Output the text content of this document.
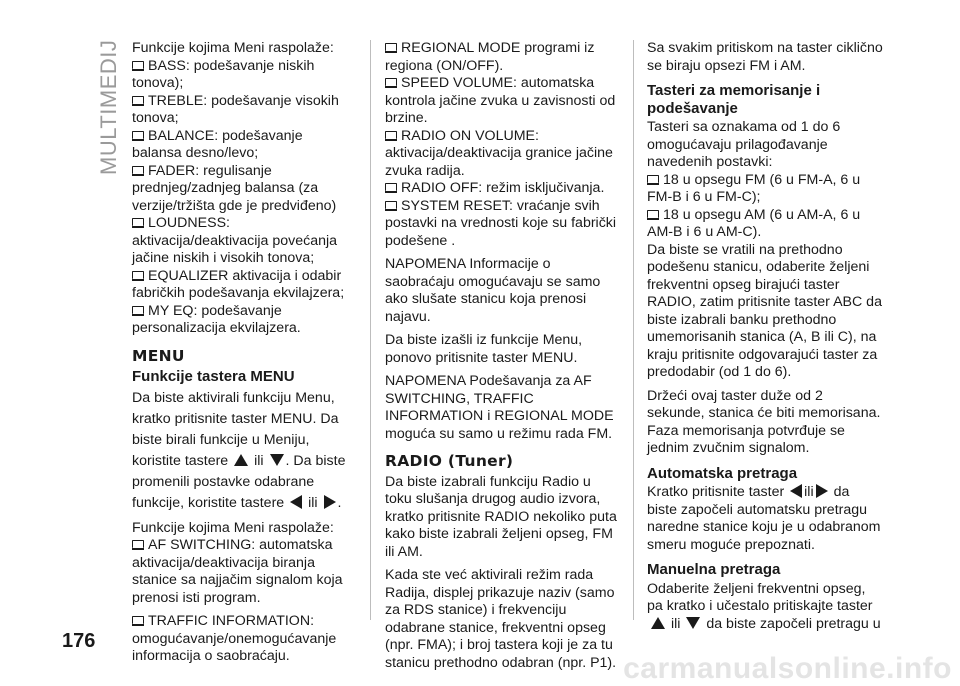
MULTIMEDIJ Funkcije kojima Meni raspolaže:

BASS: podešavanje niskih tonova);

TREBLE: podešavanje visokih tonova;

BALANCE: podešavanje balansa desno/levo;

FADER: regulisanje prednjeg/zadnjeg balansa (za verzije/tržišta gde je predviđeno)

LOUDNESS: aktivacija/deaktivacija povećanja jačine niskih i visokih tonova;

EQUALIZER aktivacija i odabir fabričkih podešavanja ekvilajzera;

MY EQ: podešavanje personalizacija ekvilajzera.

MENU
Funkcije tastera MENU

Da biste aktivirali funkciju Menu, kratko pritisnite taster MENU. Da biste birali funkcije u Meniju, koristite tastere ili . Da biste promenili postavke odabrane funkcije, koristite tastere ili .

Funkcije kojima Meni raspolaže:

AF SWITCHING: automatska aktivacija/deaktivacija biranja stanice sa najjačim signalom koja prenosi isti program.

TRAFFIC INFORMATION: omogućavanje/onemogućavanje informacija o saobraćaju.

REGIONAL MODE programi iz regiona (ON/OFF).

SPEED VOLUME: automatska kontrola jačine zvuka u zavisnosti od brzine.

RADIO ON VOLUME: aktivacija/deaktivacija granice jačine zvuka radija.

RADIO OFF: režim isključivanja.

SYSTEM RESET: vraćanje svih postavki na vrednosti koje su fabrički podešene .

NAPOMENA Informacije o saobraćaju omogućavaju se samo ako slušate stanicu koja prenosi najavu.

Da biste izašli iz funkcije Menu, ponovo pritisnite taster MENU.

NAPOMENA Podešavanja za AF SWITCHING, TRAFFIC INFORMATION i REGIONAL MODE moguća su samo u režimu rada FM.

RADIO (Tuner)

Da biste izabrali funkciju Radio u toku slušanja drugog audio izvora, kratko pritisnite RADIO nekoliko puta kako biste izabrali željeni opseg, FM ili AM.

Kada ste već aktivirali režim rada Radija, displej prikazuje naziv (samo za RDS stanice) i frekvenciju odabrane stanice, frekventni opseg (npr. FMA); i broj tastera koji je za tu stanicu prethodno odabran (npr. P1).

Sa svakim pritiskom na taster ciklično se biraju opsezi FM i AM.

Tasteri za memorisanje i podešavanje

Tasteri sa oznakama od 1 do 6 omogućavaju prilagođavanje navedenih postavki:

18 u opsegu FM (6 u FM-A, 6 u FM-B i 6 u FM-C);

18 u opsegu AM (6 u AM-A, 6 u AM-B i 6 u AM-C).

Da biste se vratili na prethodno podešenu stanicu, odaberite željeni frekventni opseg birajući taster RADIO, zatim pritisnite taster ABC da biste izabrali banku prethodno umemorisanih stanica (A, B ili C), na kraju pritisnite odgovarajući taster za predodabir (od 1 do 6).

Držeći ovaj taster duže od 2 sekunde, stanica će biti memorisana. Faza memorisanja potvrđuje se jednim zvučnim signalom.

Automatska pretraga

Kratko pritisnite taster ili da biste započeli automatsku pretragu naredne stanice koju je u odabranom smeru moguće prepoznati.

Manuelna pretraga

Odaberite željeni frekventni opseg, pa kratko i učestalo pritiskajte taster
ili da biste započeli pretragu u

176
carmanualsonline.info
